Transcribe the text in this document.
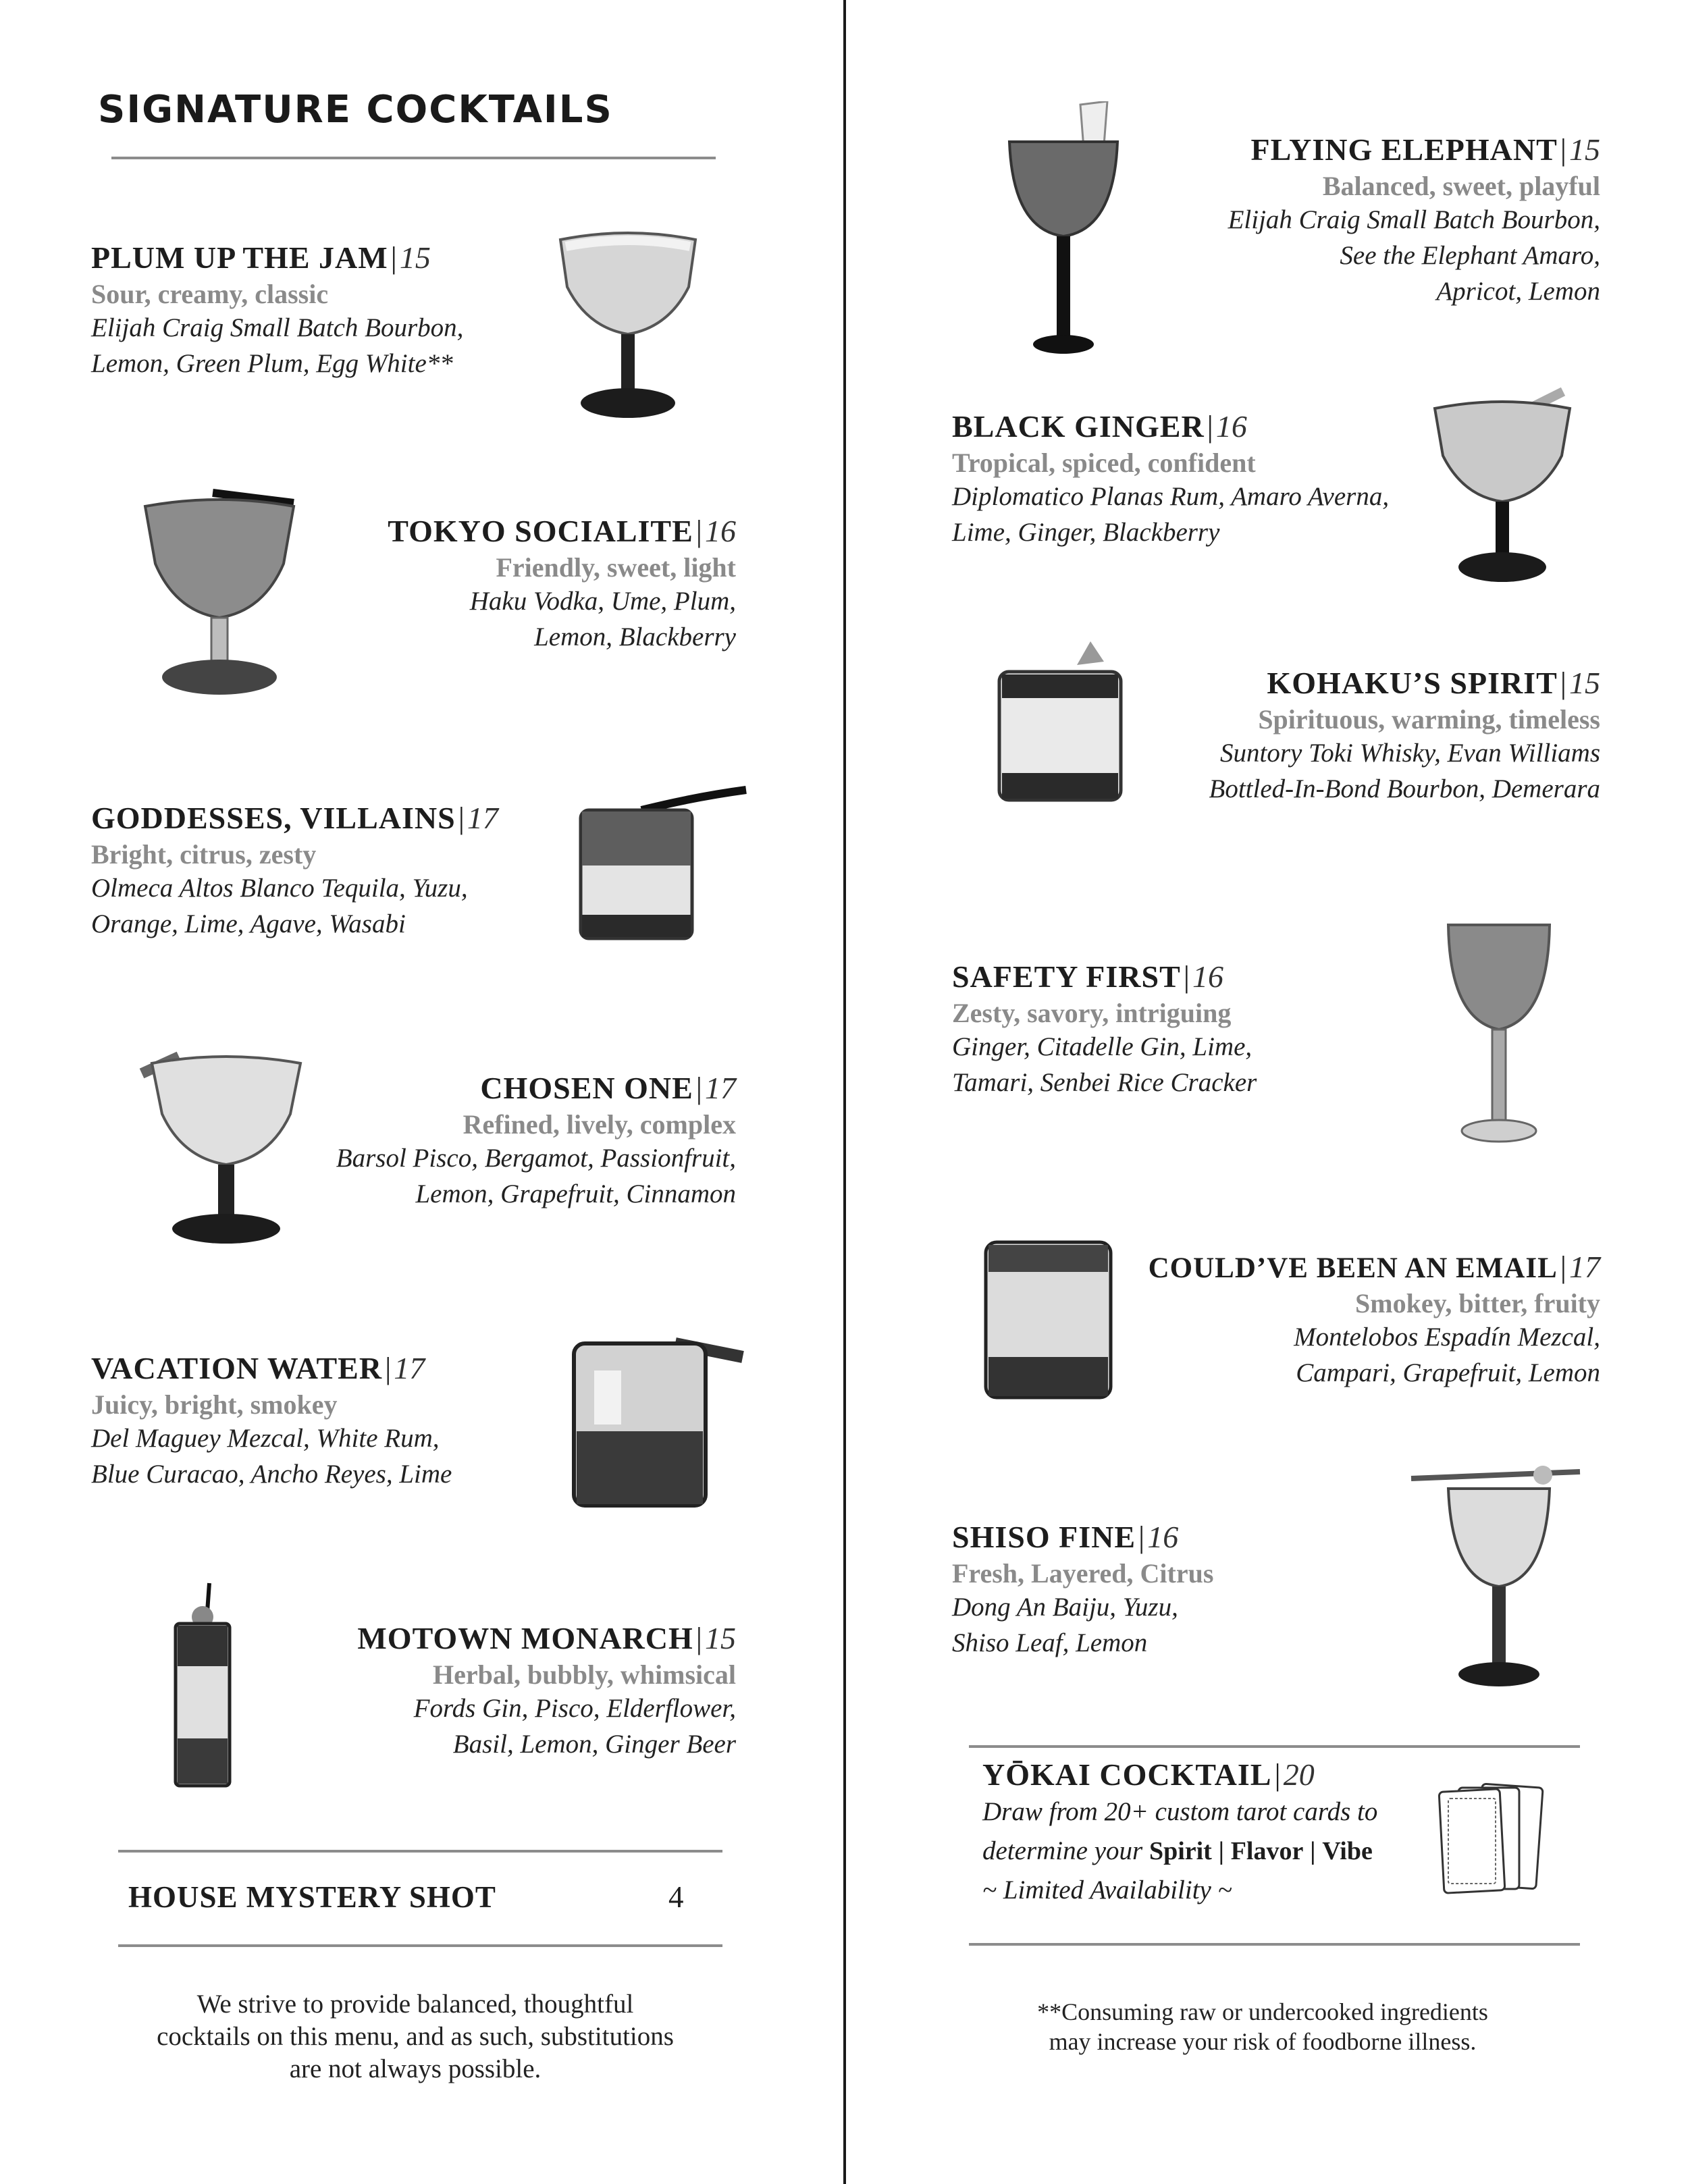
SIGNATURE COCKTAILS
PLUM UP THE JAM | 15
Sour, creamy, classic
Elijah Craig Small Batch Bourbon,
Lemon, Green Plum, Egg White**
TOKYO SOCIALITE | 16
Friendly, sweet, light
Haku Vodka, Ume, Plum,
Lemon, Blackberry
GODDESSES, VILLAINS | 17
Bright, citrus, zesty
Olmeca Altos Blanco Tequila, Yuzu,
Orange, Lime, Agave, Wasabi
CHOSEN ONE | 17
Refined, lively, complex
Barsol Pisco, Bergamot, Passionfruit,
Lemon, Grapefruit, Cinnamon
VACATION WATER | 17
Juicy, bright, smokey
Del Maguey Mezcal, White Rum,
Blue Curacao, Ancho Reyes, Lime
MOTOWN MONARCH | 15
Herbal, bubbly, whimsical
Fords Gin, Pisco, Elderflower,
Basil, Lemon, Ginger Beer
HOUSE MYSTERY SHOT	4
We strive to provide balanced, thoughtful
cocktails on this menu, and as such, substitutions
are not always possible.
FLYING ELEPHANT | 15
Balanced, sweet, playful
Elijah Craig Small Batch Bourbon,
See the Elephant Amaro,
Apricot, Lemon
BLACK GINGER | 16
Tropical, spiced, confident
Diplomatico Planas Rum, Amaro Averna,
Lime, Ginger, Blackberry
KOHAKU’S SPIRIT | 15
Spirituous, warming, timeless
Suntory Toki Whisky, Evan Williams
Bottled-In-Bond Bourbon, Demerara
SAFETY FIRST | 16
Zesty, savory, intriguing
Ginger, Citadelle Gin, Lime,
Tamari, Senbei Rice Cracker
COULD’VE BEEN AN EMAIL | 17
Smokey, bitter, fruity
Montelobos Espadín Mezcal,
Campari, Grapefruit, Lemon
SHISO FINE | 16
Fresh, Layered, Citrus
Dong An Baiju, Yuzu,
Shiso Leaf, Lemon
YŌKAI COCKTAIL | 20
Draw from 20+ custom tarot cards to
determine your Spirit | Flavor | Vibe
~ Limited Availability ~
**Consuming raw or undercooked ingredients
may increase your risk of foodborne illness.
